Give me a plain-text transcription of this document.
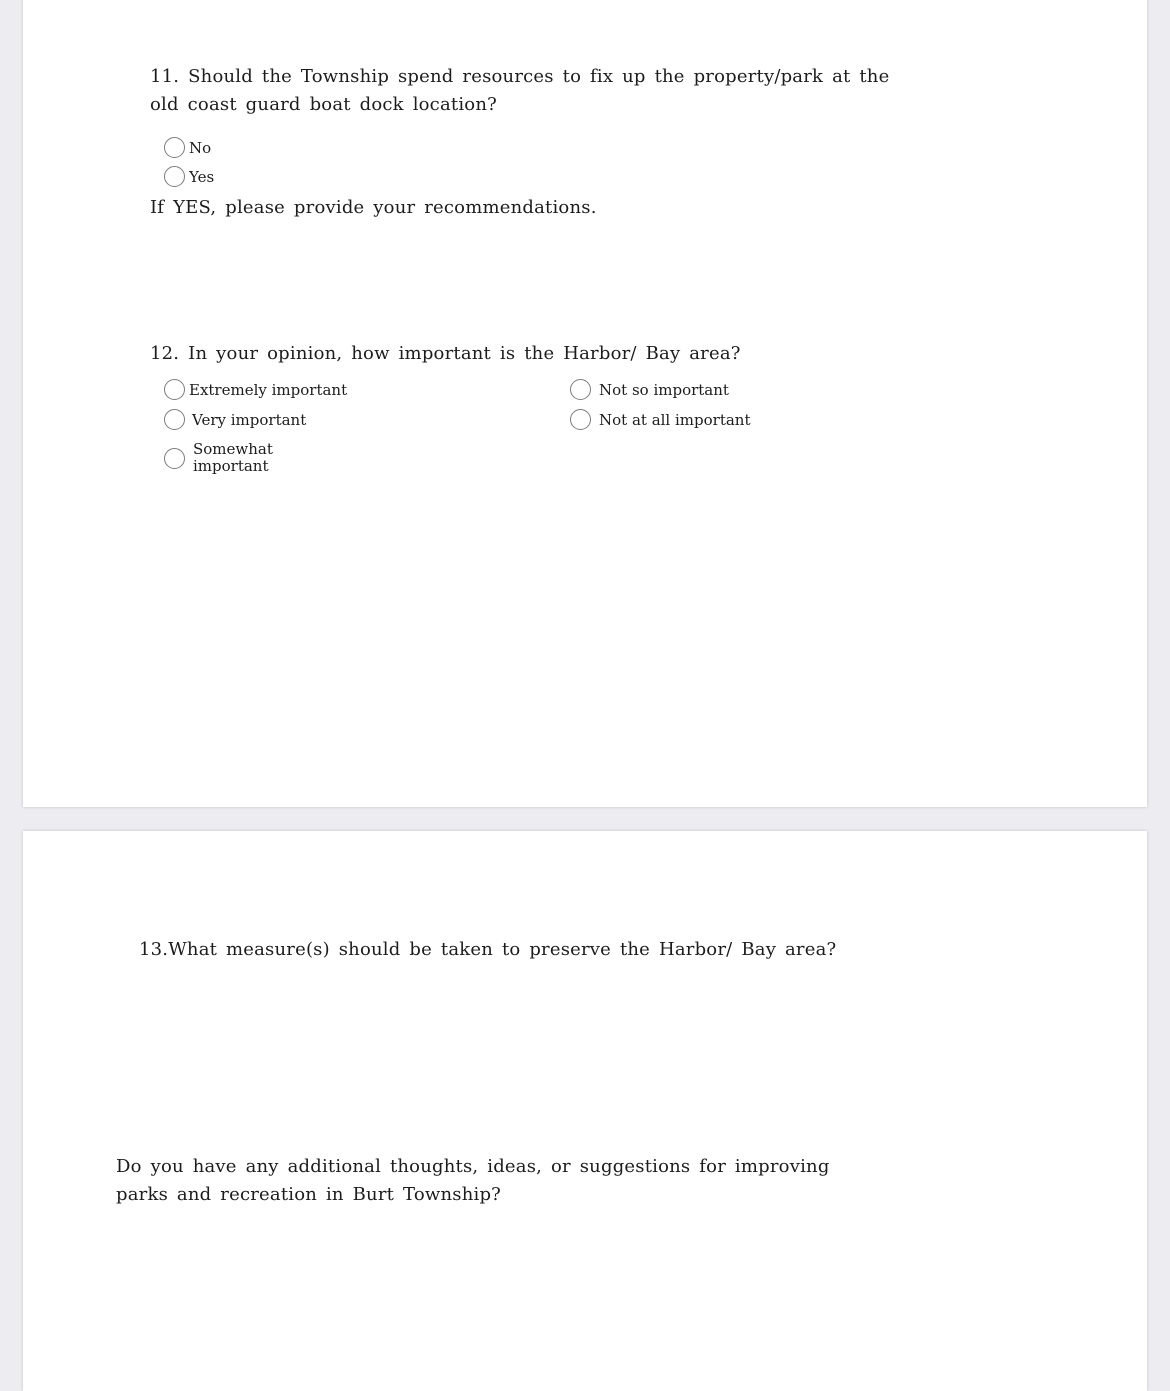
11. Should the Township spend resources to fix up the property/park at the old coast guard boat dock location?

No
Yes

If YES, please provide your recommendations.

12. In your opinion, how important is the Harbor/ Bay area?

Extremely important
Very important
Somewhat important
Not so important
Not at all important

13.What measure(s) should be taken to preserve the Harbor/ Bay area?

Do you have any additional thoughts, ideas, or suggestions for improving parks and recreation in Burt Township?
